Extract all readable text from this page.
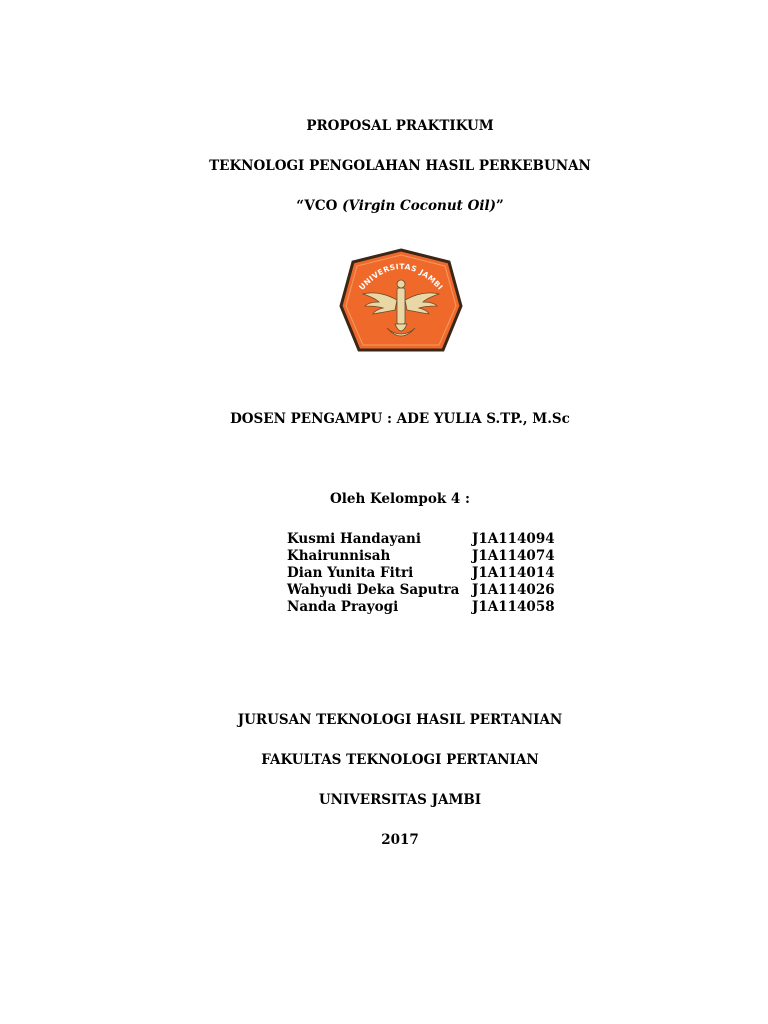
PROPOSAL PRAKTIKUM
TEKNOLOGI PENGOLAHAN HASIL PERKEBUNAN
“VCO (Virgin Coconut Oil)”
UNIVERSITAS JAMBI
DOSEN PENGAMPU : ADE YULIA S.TP., M.Sc
Oleh Kelompok 4 :
Kusmi Handayani	J1A114094
Khairunnisah	J1A114074
Dian Yunita Fitri	J1A114014
Wahyudi Deka Saputra J1A114026
Nanda Prayogi	J1A114058
JURUSAN TEKNOLOGI HASIL PERTANIAN
FAKULTAS TEKNOLOGI PERTANIAN
UNIVERSITAS JAMBI
2017
